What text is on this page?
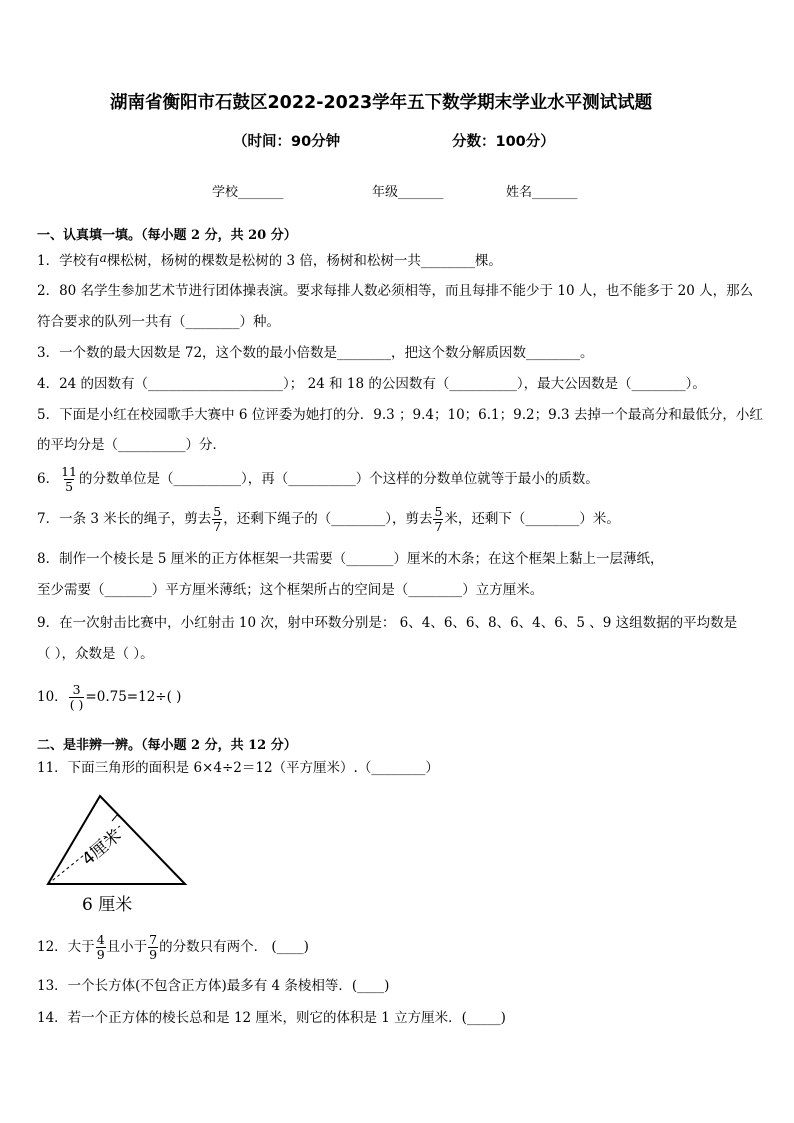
湖南省衡阳市石鼓区2022-2023学年五下数学期末学业水平测试试题
（时间：90分钟	分数：100分）
学校_______	年级_______	姓名_______
一、认真填一填。（每小题 2 分，共 20 分）
1．学校有a棵松树，杨树的棵数是松树的 3 倍，杨树和松树一共________棵。
2．80 名学生参加艺术节进行团体操表演。要求每排人数必须相等，而且每排不能少于 10 人，也不能多于 20 人，那么
符合要求的队列一共有（________）种。
3．一个数的最大因数是 72，这个数的最小倍数是________，把这个数分解质因数________。
4．24 的因数有（____________________）； 24 和 18 的公因数有（__________），最大公因数是（________）。
5．下面是小红在校园歌手大赛中 6 位评委为她打的分．9.3 ；9.4；10；6.1；9.2；9.3 去掉一个最高分和最低分，小红
的平均分是（__________）分．
6． $\frac{11}{5}$ 的分数单位是（__________），再（__________）个这样的分数单位就等于最小的质数。
7．一条 3 米长的绳子，剪去 $\frac{5}{7}$ ，还剩下绳子的（________），剪去 $\frac{5}{7}$ 米，还剩下（________）米。
8．制作一个棱长是 5 厘米的正方体框架一共需要（_______）厘米的木条；在这个框架上黏上一层薄纸，
至少需要（_______）平方厘米薄纸；这个框架所占的空间是（________）立方厘米。
9．在一次射击比赛中，小红射击 10 次，射中环数分别是： 6、4、6、6、8、6、4、6、5 、9 这组数据的平均数是
（ ），众数是（ ）。
10． $\frac{3}{( )} =0.75=12\div$( )
二、是非辨一辨。（每小题 2 分，共 12 分）
11．下面三角形的面积是 6×4÷2＝12（平方厘米）.（________）
4厘米
6 厘米
12．大于 $\frac{4}{9}$ 且小于 $\frac{7}{9}$ 的分数只有两个． (____)
13．一个长方体(不包含正方体)最多有 4 条棱相等．(____)
14．若一个正方体的棱长总和是 12 厘米，则它的体积是 1 立方厘米．(_____)
